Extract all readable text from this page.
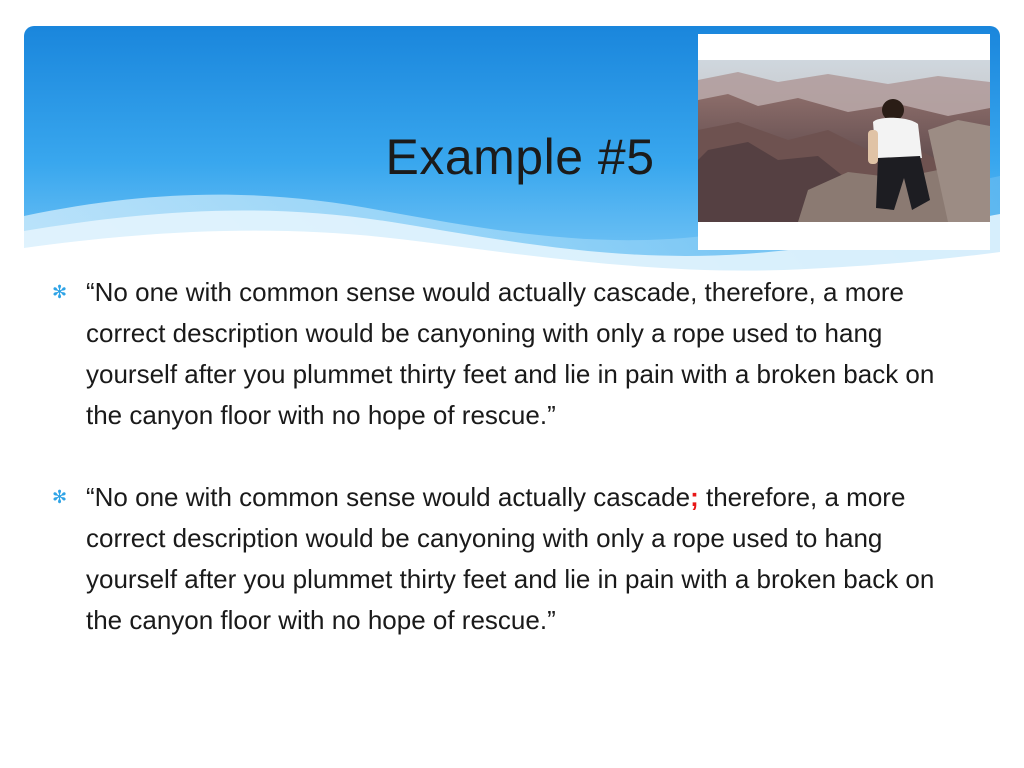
Example #5
✻ “No one with common sense would actually cascade, therefore, a more correct description would be canyoning with only a rope used to hang yourself after you plummet thirty feet and lie in pain with a broken back on the canyon floor with no hope of rescue.”
✻ “No one with common sense would actually cascade; therefore, a more correct description would be canyoning with only a rope used to hang yourself after you plummet thirty feet and lie in pain with a broken back on the canyon floor with no hope of rescue.”
